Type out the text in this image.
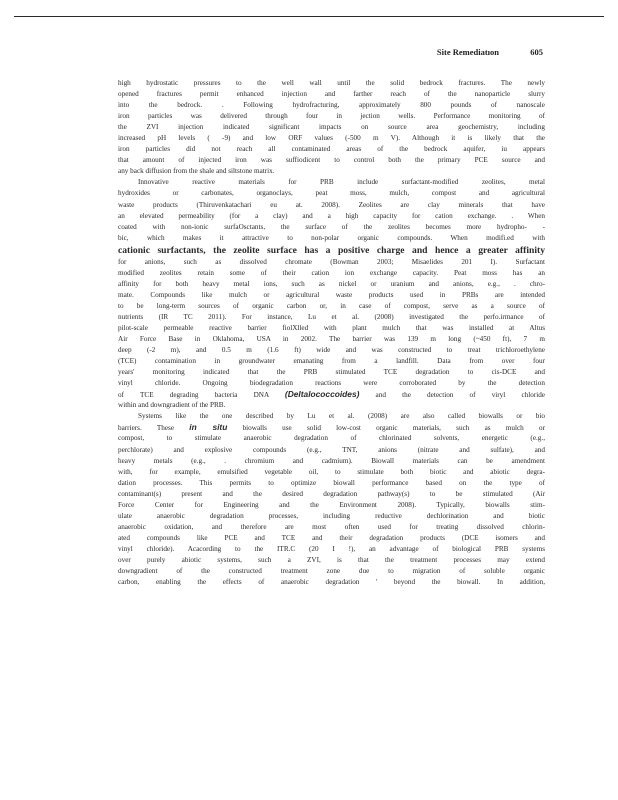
Site Remediatıon	605
high hydrostatic pressures to the well wall until the solid bedrock fractures. The newly
opened fractures permit enhanced injection and farther reach of the nanoparticle slurry
into the bedrock. . Following hydrofracturing, approximately 800 pounds of nanoscale
iron particles was delivered through four in jection wells. Performance monitoring of
the ZVI injection indicated significant impacts on source area geochemistry, including
increased pH levels ( -9) and low ORF values (-500 m V). Although it is likely that the
iron particles did not reach all contaminated areas of the bedrock aquifer, iu appears
that amount of injected iron was suffiodicent to control both the primary PCE source and
any back diffusion from the shale and siltstone matrix.
Innovative reactive materials for PRB include surfactant-modified zeolites, metal
hydroxides or carbonates, organoclays, peat moss, mulch, compost and agricultural
waste products (Thiruvenkatachari eu at. 2008). Zeolites are clay minerals that have
an elevated permeability (for a clay) and a high capacity for cation exchange. . When
coated with non-ionic surfaOsctants, the surface of the zeolites becomes more hydropho- -
bic, which makes it attractive to non-polar organic compounds. When modifi.ed with
cationic surfactants, the zeolite surface has a positive charge and hence a greater affinity
for anions, such as dissolved chromate (Bowman 2003; Misaelides 201 I). Surfactant
modified zeolites retain some of their cation ion exchange capacity. Peat moss has an
affinity for both heavy metal ions, such as nickel or uranium and anions, e.g., . chro-
mate. Compounds like mulch or agricultural waste products used in PRBs are intended
to be long-term sources of organic carbon or, in case of compost, serve as a source of
nutrients (IR TC 2011). For instance, Lu et al. (2008) investigated the perfo.irmance of
pilot-scale permeable reactive barrier fiolXlled with plant mulch that was installed at Altus
Air Force Base in Oklahoma, USA in 2002. The barrier was 139 m long (~450 ft), 7 m
deep (-2 m), and 0.5 m (1.6 ft) wide and was constructed to treat trichloroethylene
(TCE) contamination in groundwater emanating from a landfill. Data from over four
years' monitoring indicated that the PRB stimulated TCE degradation to cis-DCE and
vinyl chloride. Ongoing biodegradation reactions were corroborated by the detection
of TCE degrading bacteria DNA (Deltalococcoides) and the detection of viryl chloride
within and downgradient of the PRB.
Systems like the one described by Lu et al. (2008) are also called biowalls or bio
barriers. These in situ biowalls use solid low-cost organic materials, such as mulch or
compost, to stimulate anaerobic degradation of chlorinated solvents, energetic (e.g.,
perchlorate) and explosive compounds (e.g., TNT, anions (nitrate and sulfate), and
heavy metals (e.g., . chromium and cadmium). Biowall materials can be amendment
with, for example, emulsified vegetable oil, to stimulate both biotic and abiotic degra-
dation processes. This permits to optimize biowall performance based on the type of
contaminant(s) present and the desired degradation pathway(s) to be stimulated (Air
Force Center for Engineering and the Environment 2008). Typically, biowalls stim-
ulate anaerobic degradation processes, including reductive dechlorination and biotic
anaerobic oxidation, and therefore are most often used for treating dissolved chlorin-
ated compounds like PCE and TCE and their degradation products (DCE isomers and
vinyl chloride). Acacording to the ITR.C (20 I !), an advantage of biological PRB systems
over purely abiotic systems, such a ZVI, is that the treatment processes may extend
downgradient of the constructed treatment zone due to migration of soluble organic
carbon, enabling the effects of anaerobic degradation ' beyond the biowall. In addition,
